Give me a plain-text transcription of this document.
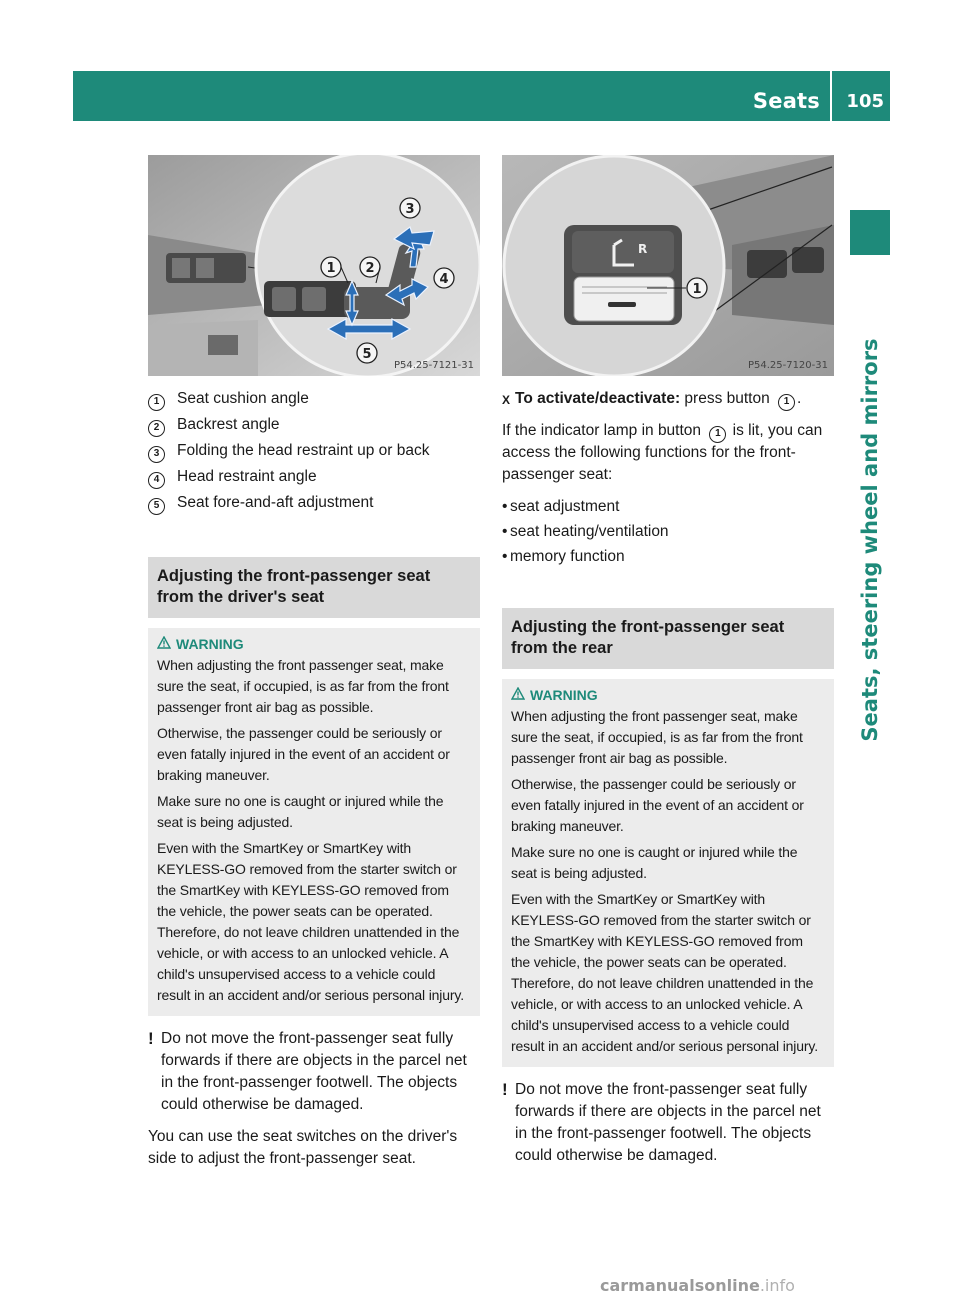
Seats 105
Seats, steering wheel and mirrors
1 2
3
4
5
P54.25-7121-31
1	Seat cushion angle
2	Backrest angle
3	Folding the head restraint up or back
4	Head restraint angle
5	Seat fore-and-aft adjustment
Adjusting the front-passenger seat from the driver's seat
WARNING

When adjusting the front passenger seat, make sure the seat, if occupied, is as far from the front passenger front air bag as possible.

Otherwise, the passenger could be seriously or even fatally injured in the event of an accident or braking maneuver.

Make sure no one is caught or injured while the seat is being adjusted.

Even with the SmartKey or SmartKey with KEYLESS-GO removed from the starter switch or the SmartKey with KEYLESS-GO removed from the vehicle, the power seats can be operated. Therefore, do not leave children unattended in the vehicle, or with access to an unlocked vehicle. A child's unsupervised access to a vehicle could result in an accident and/or serious personal injury.

! Do not move the front-passenger seat fully forwards if there are objects in the parcel net in the front-passenger footwell. The objects could otherwise be damaged.

You can use the seat switches on the driver's side to adjust the front-passenger seat.

R
1
P54.25-7120-31
X To activate/deactivate: press button 1 .

If the indicator lamp in button 1 is lit, you can access the following functions for the front-passenger seat:

• seat adjustment
• seat heating/ventilation
• memory function
Adjusting the front-passenger seat from the rear
WARNING

When adjusting the front passenger seat, make sure the seat, if occupied, is as far from the front passenger front air bag as possible.

Otherwise, the passenger could be seriously or even fatally injured in the event of an accident or braking maneuver.

Make sure no one is caught or injured while the seat is being adjusted.

Even with the SmartKey or SmartKey with KEYLESS-GO removed from the starter switch or the SmartKey with KEYLESS-GO removed from the vehicle, the power seats can be operated. Therefore, do not leave children unattended in the vehicle, or with access to an unlocked vehicle. A child's unsupervised access to a vehicle could result in an accident and/or serious personal injury.

! Do not move the front-passenger seat fully forwards if there are objects in the parcel net in the front-passenger footwell. The objects could otherwise be damaged.
carmanualsonline.info
